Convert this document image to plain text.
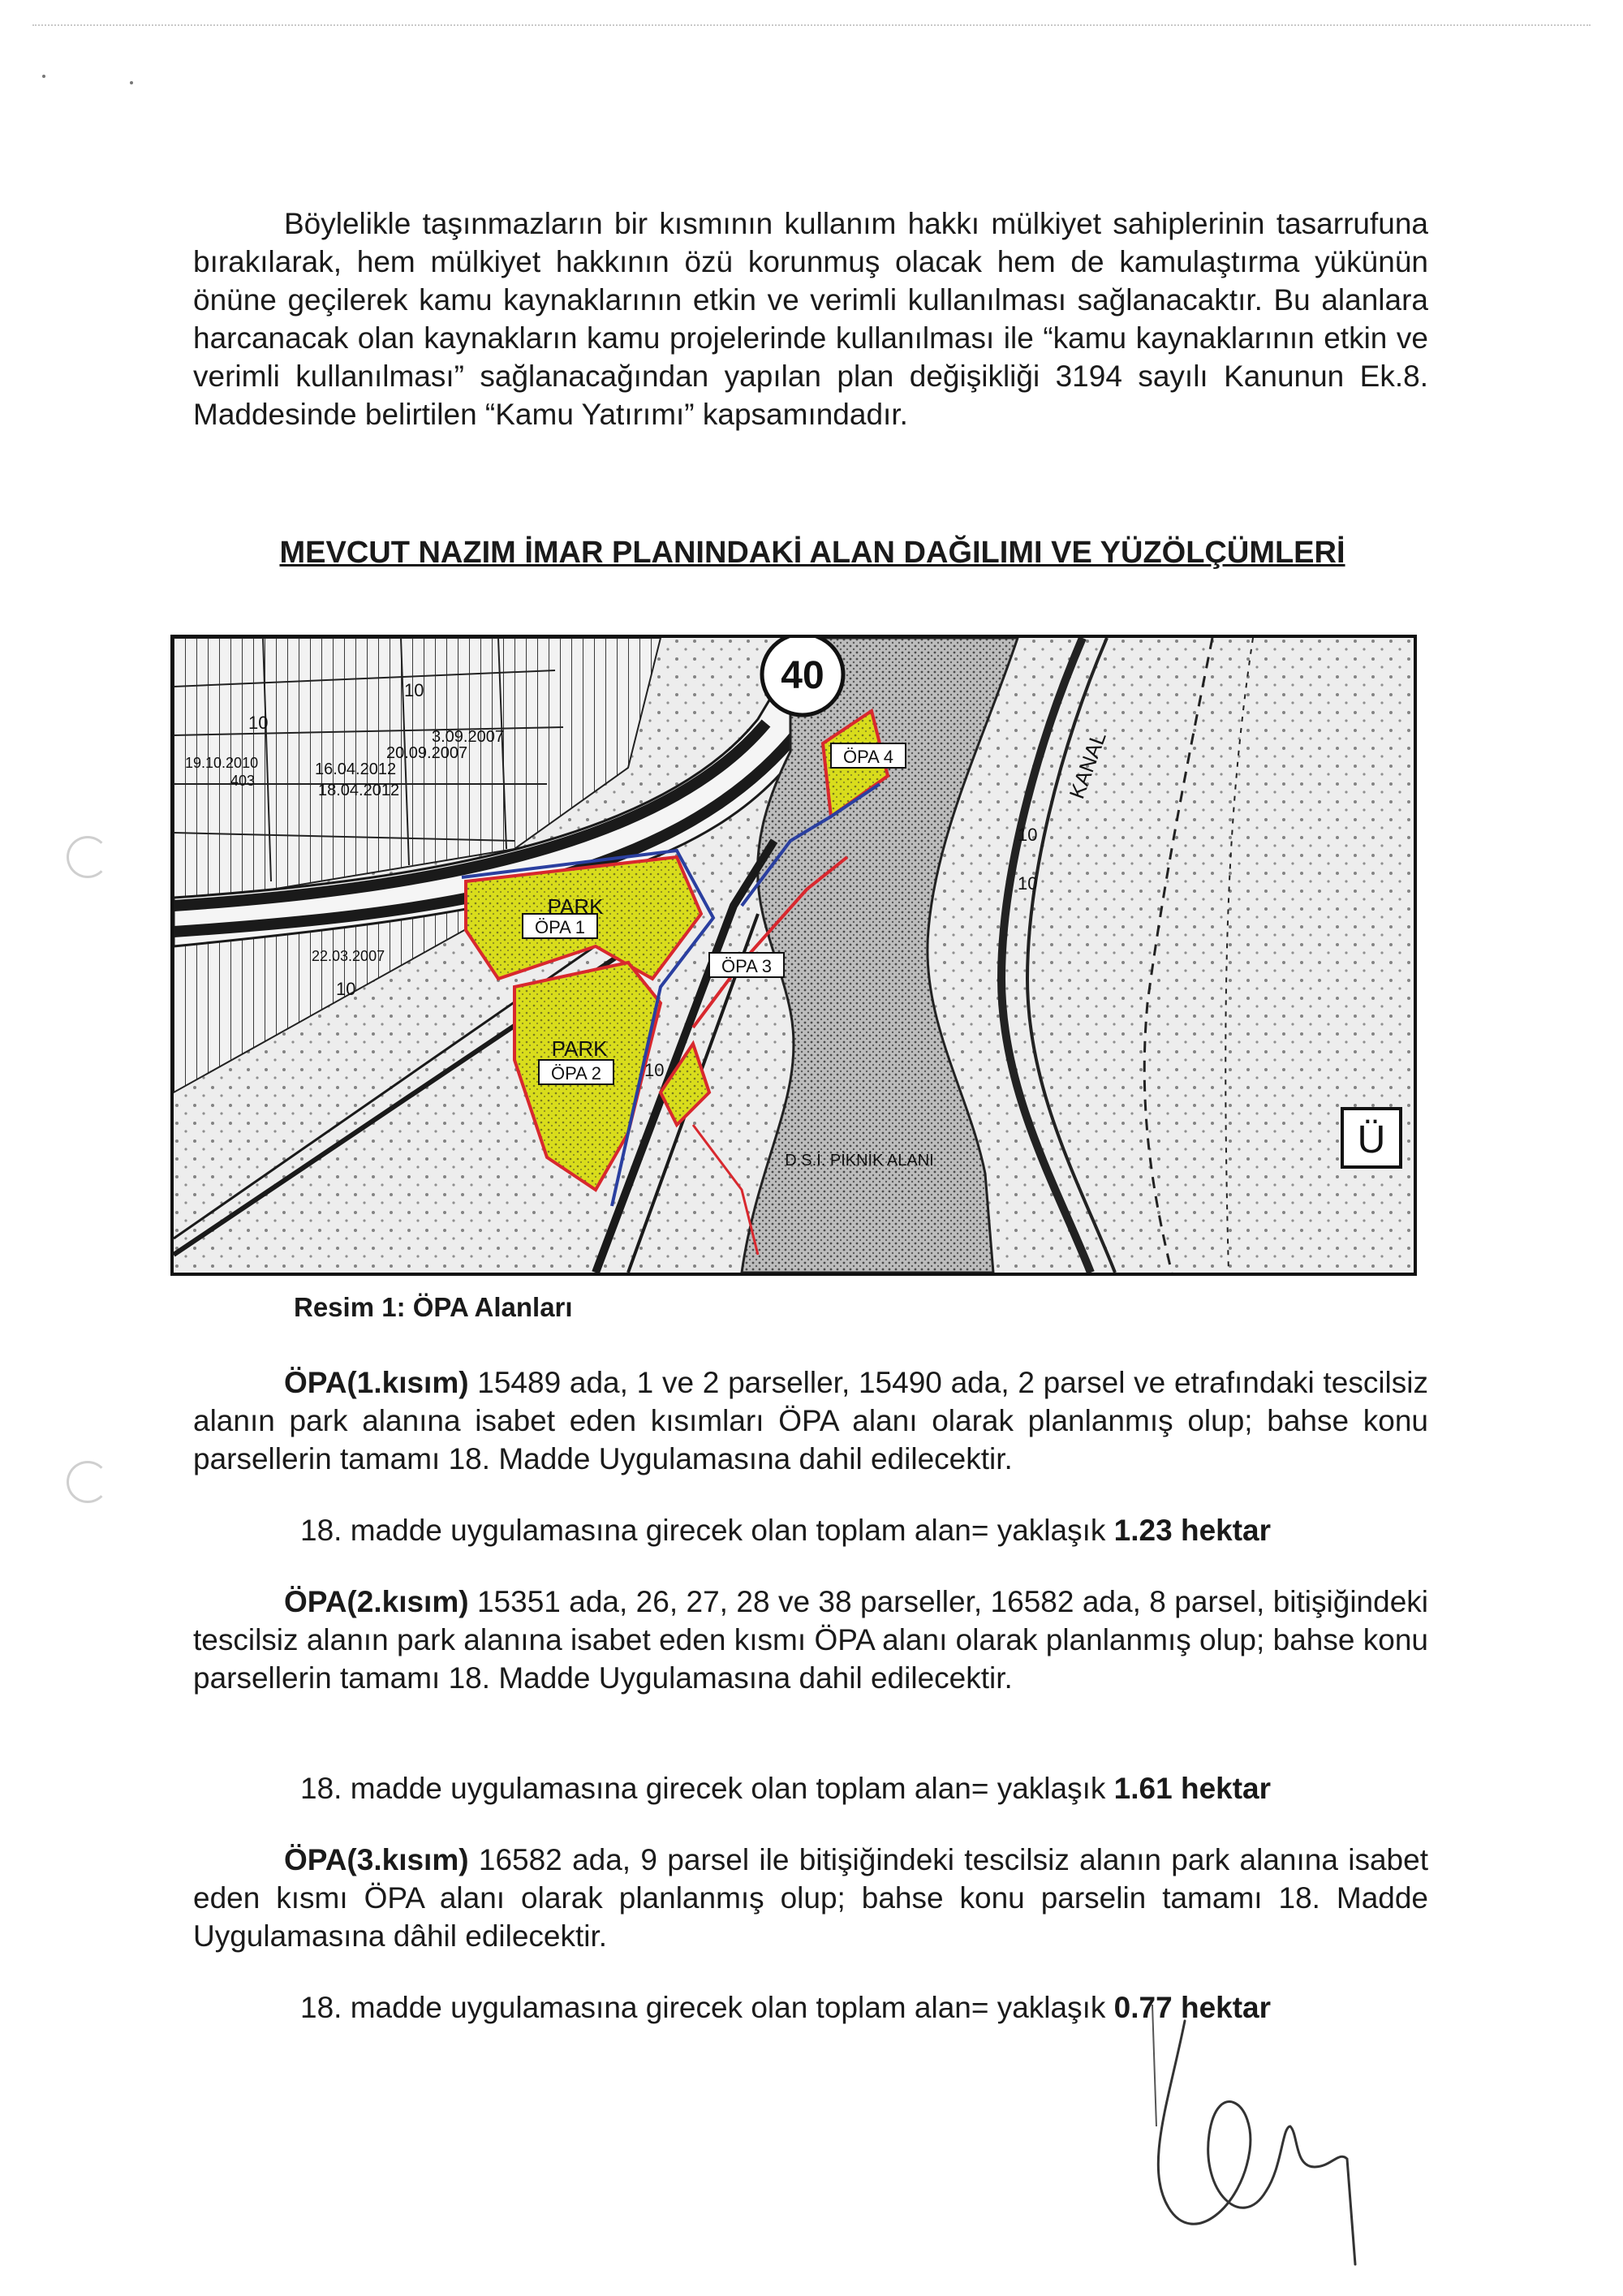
Böylelikle taşınmazların bir kısmının kullanım hakkı mülkiyet sahiplerinin tasarrufuna bırakılarak, hem mülkiyet hakkının özü korunmuş olacak hem de kamulaştırma yükünün önüne geçilerek kamu kaynaklarının etkin ve verimli kullanılması sağlanacaktır. Bu alanlara harcanacak olan kaynakların kamu projelerinde kullanılması ile “kamu kaynaklarının etkin ve verimli kullanılması” sağlanacağından yapılan plan değişikliği 3194 sayılı Kanunun Ek.8. Maddesinde belirtilen “Kamu Yatırımı” kapsamındadır.

MEVCUT NAZIM İMAR PLANINDAKİ ALAN DAĞILIMI VE YÜZÖLÇÜMLERİ

40
ÖPA 1
ÖPA 2
ÖPA 3
ÖPA 4
PARK
PARK
KANAL
D.S.İ. PİKNİK ALANI
3.09.2007
20.09.2007
16.04.2012
18.04.2012
19.10.2010
403
22.03.2007
10
10
10
10
10
10
Ü

Resim 1: ÖPA Alanları

ÖPA(1.kısım) 15489 ada, 1 ve 2 parseller, 15490 ada, 2 parsel ve etrafındaki tescilsiz alanın park alanına isabet eden kısımları ÖPA alanı olarak planlanmış olup; bahse konu parsellerin tamamı 18. Madde Uygulamasına dahil edilecektir.

18. madde uygulamasına girecek olan toplam alan= yaklaşık 1.23 hektar

ÖPA(2.kısım) 15351 ada, 26, 27, 28 ve 38 parseller, 16582 ada, 8 parsel, bitişiğindeki tescilsiz alanın park alanına isabet eden kısmı ÖPA alanı olarak planlanmış olup; bahse konu parsellerin tamamı 18. Madde Uygulamasına dahil edilecektir.

18. madde uygulamasına girecek olan toplam alan= yaklaşık 1.61 hektar

ÖPA(3.kısım) 16582 ada, 9 parsel ile bitişiğindeki tescilsiz alanın park alanına isabet eden kısmı ÖPA alanı olarak planlanmış olup; bahse konu parselin tamamı 18. Madde Uygulamasına dâhil edilecektir.

18. madde uygulamasına girecek olan toplam alan= yaklaşık 0.77 hektar
